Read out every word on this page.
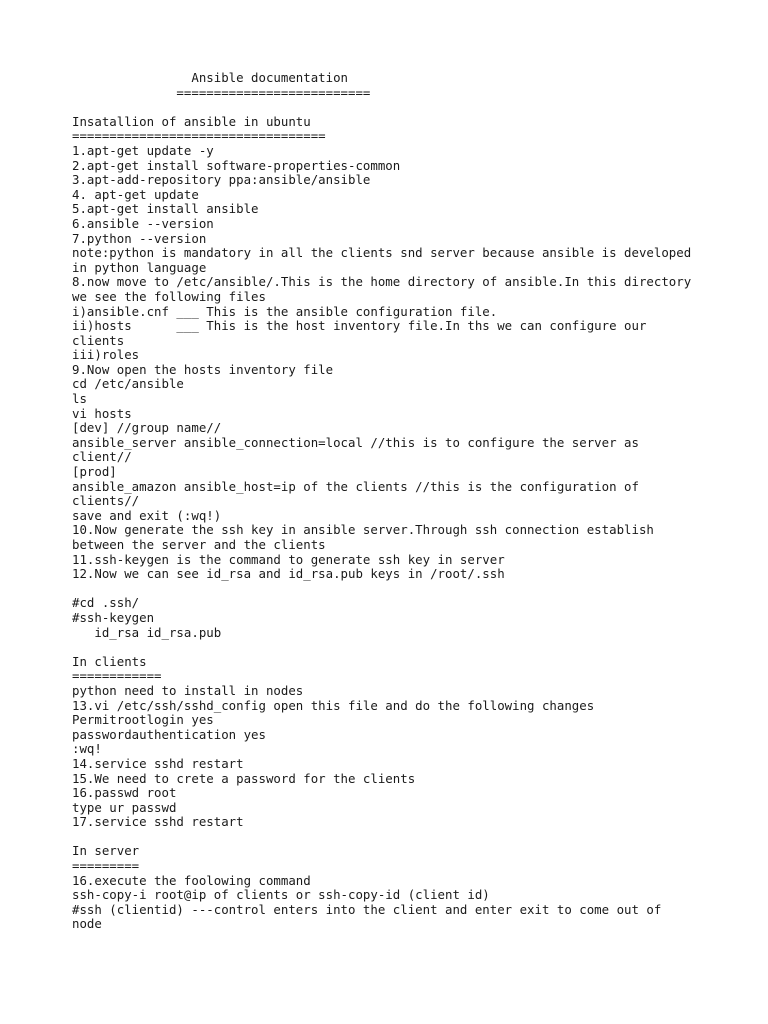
Ansible documentation
==========================
Insatallion of ansible in ubuntu
==================================
1.apt-get update -y
2.apt-get install software-properties-common
3.apt-add-repository ppa:ansible/ansible
4. apt-get update
5.apt-get install ansible
6.ansible --version
7.python --version
note:python is mandatory in all the clients snd server because ansible is developed
in python language
8.now move to /etc/ansible/.This is the home directory of ansible.In this directory
we see the following files
i)ansible.cnf ___ This is the ansible configuration file.
ii)hosts      ___ This is the host inventory file.In ths we can configure our
clients
iii)roles
9.Now open the hosts inventory file
cd /etc/ansible
ls
vi hosts
[dev] //group name//
ansible_server ansible_connection=local //this is to configure the server as
client//
[prod]
ansible_amazon ansible_host=ip of the clients //this is the configuration of
clients//
save and exit (:wq!)
10.Now generate the ssh key in ansible server.Through ssh connection establish
between the server and the clients
11.ssh-keygen is the command to generate ssh key in server
12.Now we can see id_rsa and id_rsa.pub keys in /root/.ssh
#cd .ssh/
#ssh-keygen
id_rsa id_rsa.pub
In clients
============
python need to install in nodes
13.vi /etc/ssh/sshd_config open this file and do the following changes
Permitrootlogin yes
passwordauthentication yes
:wq!
14.service sshd restart
15.We need to crete a password for the clients
16.passwd root
type ur passwd
17.service sshd restart
In server
=========
16.execute the foolowing command
ssh-copy-i root@ip of clients or ssh-copy-id (client id)
#ssh (clientid) ---control enters into the client and enter exit to come out of
node
